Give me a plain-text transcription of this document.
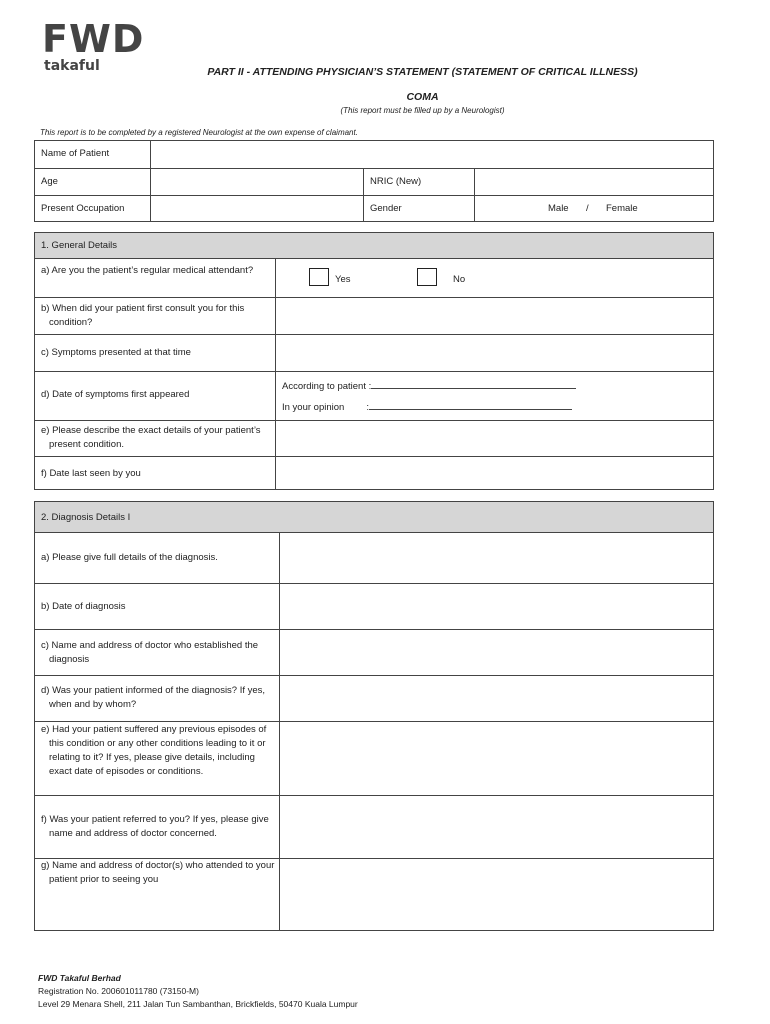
FWD
takaful	PART II - ATTENDING PHYSICIAN’S STATEMENT (STATEMENT OF CRITICAL ILLNESS)
COMA
(This report must be filled up by a Neurologist)
This report is to be completed by a registered Neurologist at the own expense of claimant.
Name of Patient
Age	NRIC (New)
Present Occupation	Gender	Male	/	Female
1. General Details
a) Are you the patient’s regular medical attendant?
Yes	No
b) When did your patient first consult you for this condition?
c) Symptoms presented at that time
d) Date of symptoms first appeared
According to patient :
In your opinion :
e) Please describe the exact details of your patient’s present condition.
f) Date last seen by you
2. Diagnosis Details I
a) Please give full details of the diagnosis.
b) Date of diagnosis
c) Name and address of doctor who established the diagnosis
d) Was your patient informed of the diagnosis? If yes, when and by whom?
e) Had your patient suffered any previous episodes of this condition or any other conditions leading to it or relating to it? If yes, please give details, including exact date of episodes or conditions.
f) Was your patient referred to you? If yes, please give name and address of doctor concerned.
g) Name and address of doctor(s) who attended to your patient prior to seeing you
FWD Takaful Berhad
Registration No. 200601011780 (73150-M)
Level 29 Menara Shell, 211 Jalan Tun Sambanthan, Brickfields, 50470 Kuala Lumpur
